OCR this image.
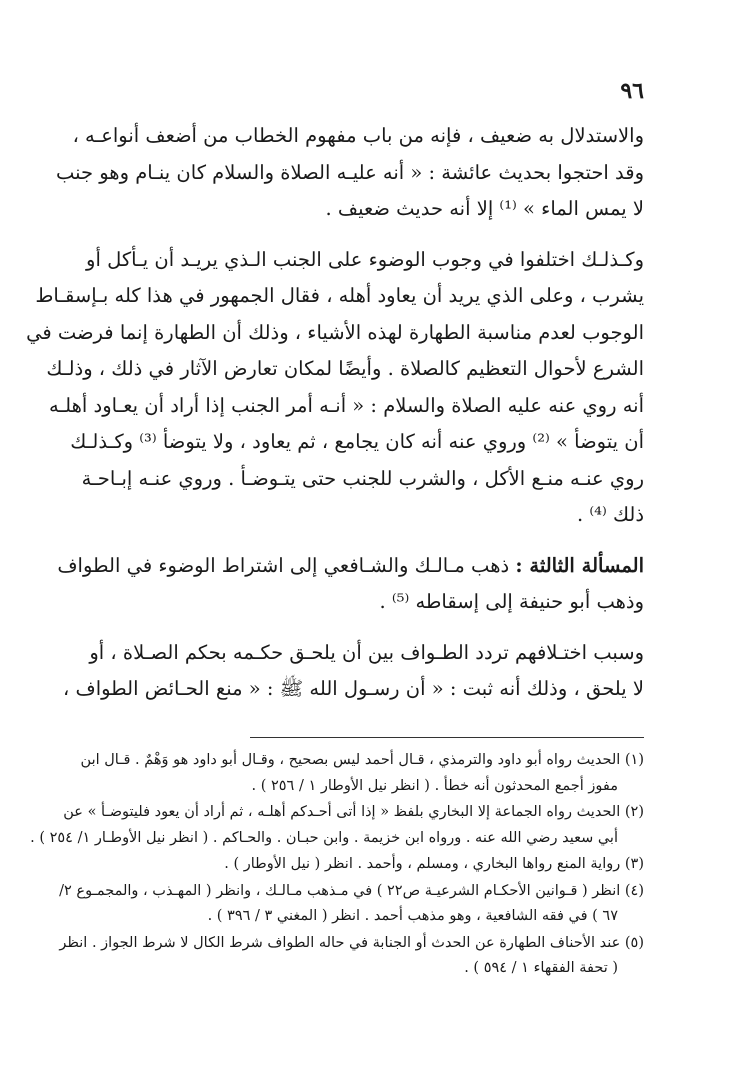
٩٦

والاستدلال به ضعيف ، فإنه من باب مفهوم الخطاب من أضعف أنواعـه ،
وقد احتجوا بحديث عائشة : « أنه عليـه الصلاة والسلام كان ينـام وهو جنب
لا يمس الماء » ⁽¹⁾ إلا أنه حديث ضعيف .

وكـذلـك اختلفوا في وجوب الوضوء على الجنب الـذي يريـد أن يـأكل أو
يشرب ، وعلى الذي يريد أن يعاود أهله ، فقال الجمهور في هذا كله بـإسقـاط
الوجوب لعدم مناسبة الطهارة لهذه الأشياء ، وذلك أن الطهارة إنما فرضت في
الشرع لأحوال التعظيم كالصلاة . وأيضًا لمكان تعارض الآثار في ذلك ، وذلـك
أنه روي عنه عليه الصلاة والسلام : « أنـه أمر الجنب إذا أراد أن يعـاود أهلـه
أن يتوضأ » ⁽²⁾ وروي عنه أنه كان يجامع ، ثم يعاود ، ولا يتوضأ ⁽³⁾ وكـذلـك
روي عنـه منـع الأكل ، والشرب للجنب حتى يتـوضـأ . وروي عنـه إبـاحـة
ذلك ⁽⁴⁾ .

المسألة الثالثة : ذهب مـالـك والشـافعي إلى اشتراط الوضوء في الطواف
وذهب أبو حنيفة إلى إسقاطه ⁽⁵⁾ .

وسبب اختـلافهم تردد الطـواف بين أن يلحـق حكـمه بحكم الصـلاة ، أو
لا يلحق ، وذلك أنه ثبت : « أن رسـول الله ﷺ : « منع الحـائض الطواف ،

(١) الحديث رواه أبو داود والترمذي ، قـال أحمد ليس بصحيح ، وقـال أبو داود هو وَهْمٌ . قـال ابن
مفوز أجمع المحدثون أنه خطأ . ( انظر نيل الأوطار ١ / ٢٥٦ ) .
(٢) الحديث رواه الجماعة إلا البخاري بلفظ « إذا أتى أحـدكم أهلـه ، ثم أراد أن يعود فليتوضـأ » عن
أبي سعيد رضي الله عنه . ورواه ابن خزيمة . وابن حبـان . والحـاكم . ( انظر نيل الأوطـار ١/ ٢٥٤ ) .
(٣) رواية المنع رواها البخاري ، ومسلم ، وأحمد . انظر ( نيل الأوطار ) .
(٤) انظر ( قـوانين الأحكـام الشرعيـة ص٢٢ ) في مـذهب مـالـك ، وانظر ( المهـذب ، والمجمـوع ٢/
٦٧ ) في فقه الشافعية ، وهو مذهب أحمد . انظر ( المغني ٣ / ٣٩٦ ) .
(٥) عند الأحناف الطهارة عن الحدث أو الجنابة في حاله الطواف شرط الكال لا شرط الجواز . انظر
( تحفة الفقهاء ١ / ٥٩٤ ) .
